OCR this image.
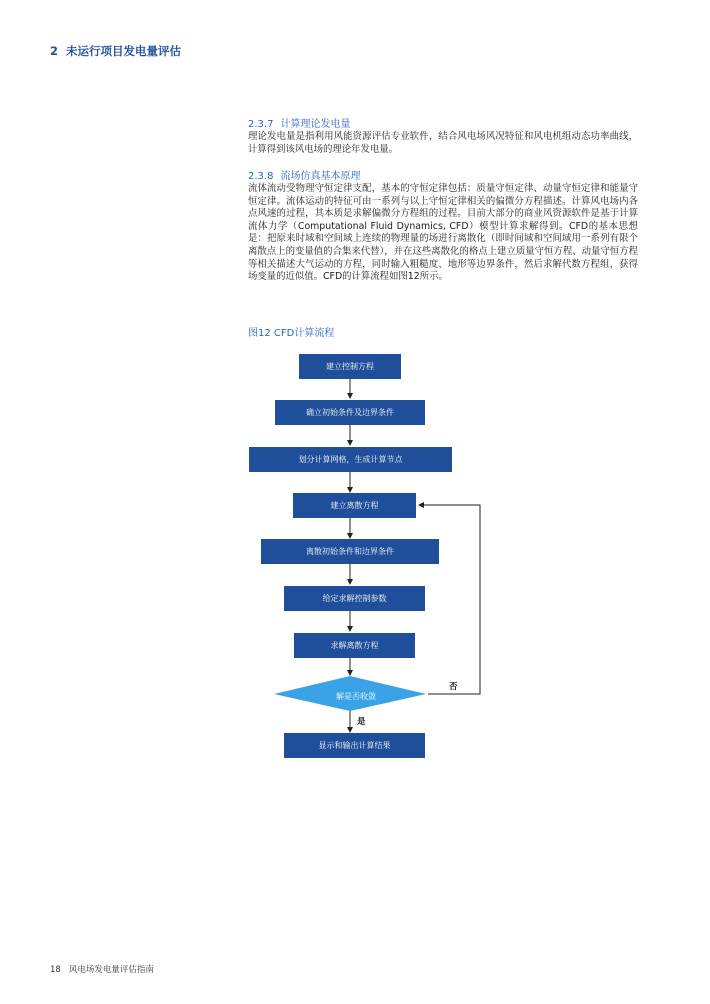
2 未运行项目发电量评估
2.3.7 计算理论发电量

理论发电量是指利用风能资源评估专业软件，结合风电场风况特征和风电机组动态功率曲线，计算得到该风电场的理论年发电量。

2.3.8 流场仿真基本原理

流体流动受物理守恒定律支配，基本的守恒定律包括：质量守恒定律、动量守恒定律和能量守恒定律。流体运动的特征可由一系列与以上守恒定律相关的偏微分方程描述。计算风电场内各点风速的过程，其本质是求解偏微分方程组的过程。目前大部分的商业风资源软件是基于计算流体力学（Computational Fluid Dynamics, CFD）模型计算求解得到。CFD的基本思想是：把原来时域和空间域上连续的物理量的场进行离散化（即时间域和空间域用一系列有限个离散点上的变量值的合集来代替），并在这些离散化的格点上建立质量守恒方程、动量守恒方程等相关描述大气运动的方程，同时输入粗糙度、地形等边界条件，然后求解代数方程组，获得场变量的近似值。CFD的计算流程如图12所示。

图12 CFD计算流程
建立控制方程
确立初始条件及边界条件
划分计算网格，生成计算节点
建立离散方程
离散初始条件和边界条件
给定求解控制参数
求解离散方程
解是否收敛
否
是
显示和输出计算结果
18 风电场发电量评估指南
